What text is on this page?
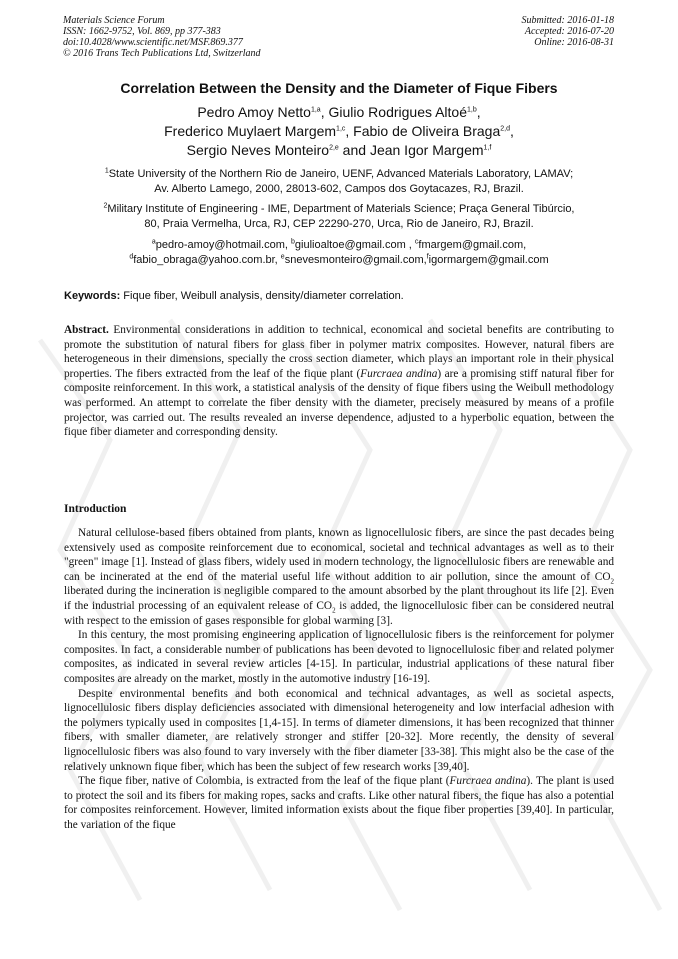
Materials Science Forum
ISSN: 1662-9752, Vol. 869, pp 377-383
doi:10.4028/www.scientific.net/MSF.869.377
© 2016 Trans Tech Publications Ltd, Switzerland
Submitted: 2016-01-18
Accepted: 2016-07-20
Online: 2016-08-31
Correlation Between the Density and the Diameter of Fique Fibers
Pedro Amoy Netto$^{1,a}$, Giulio Rodrigues Altoé$^{1,b}$,
Frederico Muylaert Margem$^{1,c}$, Fabio de Oliveira Braga$^{2,d}$,
Sergio Neves Monteiro$^{2,e}$ and Jean Igor Margem$^{1,f}$
$^1$State University of the Northern Rio de Janeiro, UENF, Advanced Materials Laboratory, LAMAV;
Av. Alberto Lamego, 2000, 28013-602, Campos dos Goytacazes, RJ, Brazil.
$^2$Military Institute of Engineering - IME, Department of Materials Science; Praça General Tibúrcio,
80, Praia Vermelha, Urca, RJ, CEP 22290-270, Urca, Rio de Janeiro, RJ, Brazil.
$^a$pedro-amoy@hotmail.com, $^b$giulioaltoe@gmail.com , $^c$fmargem@gmail.com,
$^d$fabio_obraga@yahoo.com.br, $^e$snevesmonteiro@gmail.com,$^f$igormargem@gmail.com
Keywords: Fique fiber, Weibull analysis, density/diameter correlation.

Abstract. Environmental considerations in addition to technical, economical and societal benefits are contributing to promote the substitution of natural fibers for glass fiber in polymer matrix composites. However, natural fibers are heterogeneous in their dimensions, specially the cross section diameter, which plays an important role in their physical properties. The fibers extracted from the leaf of the fique plant (Furcraea andina) are a promising stiff natural fiber for composite reinforcement. In this work, a statistical analysis of the density of fique fibers using the Weibull methodology was performed. An attempt to correlate the fiber density with the diameter, precisely measured by means of a profile projector, was carried out. The results revealed an inverse dependence, adjusted to a hyperbolic equation, between the fique fiber diameter and corresponding density.

Introduction

Natural cellulose-based fibers obtained from plants, known as lignocellulosic fibers, are since the past decades being extensively used as composite reinforcement due to economical, societal and technical advantages as well as to their "green" image [1]. Instead of glass fibers, widely used in modern technology, the lignocellulosic fibers are renewable and can be incinerated at the end of the material useful life without addition to air pollution, since the amount of $CO_2$ liberated during the incineration is negligible compared to the amount absorbed by the plant throughout its life [2]. Even if the industrial processing of an equivalent release of $CO_2$ is added, the lignocellulosic fiber can be considered neutral with respect to the emission of gases responsible for global warming [3].

In this century, the most promising engineering application of lignocellulosic fibers is the reinforcement for polymer composites. In fact, a considerable number of publications has been devoted to lignocellulosic fiber and related polymer composites, as indicated in several review articles [4-15]. In particular, industrial applications of these natural fiber composites are already on the market, mostly in the automotive industry [16-19].

Despite environmental benefits and both economical and technical advantages, as well as societal aspects, lignocellulosic fibers display deficiencies associated with dimensional heterogeneity and low interfacial adhesion with the polymers typically used in composites [1,4-15]. In terms of diameter dimensions, it has been recognized that thinner fibers, with smaller diameter, are relatively stronger and stiffer [20-32]. More recently, the density of several lignocellulosic fibers was also found to vary inversely with the fiber diameter [33-38]. This might also be the case of the relatively unknown fique fiber, which has been the subject of few research works [39,40].

The fique fiber, native of Colombia, is extracted from the leaf of the fique plant (Furcraea andina). The plant is used to protect the soil and its fibers for making ropes, sacks and crafts. Like other natural fibers, the fique has also a potential for composites reinforcement. However, limited information exists about the fique fiber properties [39,40]. In particular, the variation of the fique
